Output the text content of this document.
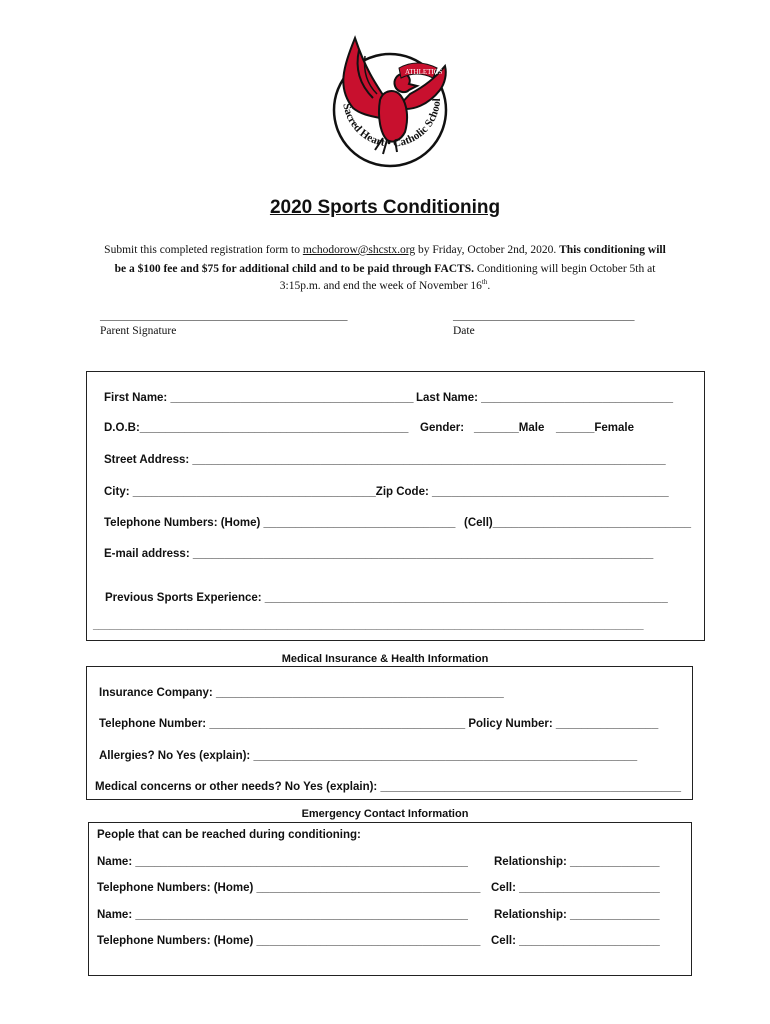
ATHLETICS
Sacred Heart • Catholic School
2020 Sports Conditioning
Submit this completed registration form to mchodorow@shcstx.org by Friday, October 2nd, 2020. This conditioning will
be a $100 fee and $75 for additional child and to be paid through FACTS. Conditioning will begin October 5th at
3:15p.m. and end the week of November 16th.
_____________________________________________
Parent Signature
_________________________________
Date
First Name: ______________________________________ Last Name: ______________________________
D.O.B:__________________________________________ Gender: _______Male ______Female
Street Address: __________________________________________________________________________
City: ______________________________________Zip Code: _____________________________________
Telephone Numbers: (Home) ______________________________ (Cell)_______________________________
E-mail address: ________________________________________________________________________
Previous Sports Experience: _______________________________________________________________
___________________________________________________________________________________________________
Medical Insurance & Health Information
Insurance Company: _____________________________________________
Telephone Number: ________________________________________ Policy Number: ________________
Allergies? No Yes (explain): ____________________________________________________________
Medical concerns or other needs? No Yes (explain): _______________________________________________
Emergency Contact Information
People that can be reached during conditioning:
Name: ____________________________________________________ Relationship: ______________
Telephone Numbers: (Home) ___________________________________ Cell: ______________________
Name: ____________________________________________________ Relationship: ______________
Telephone Numbers: (Home) ___________________________________ Cell: ______________________
